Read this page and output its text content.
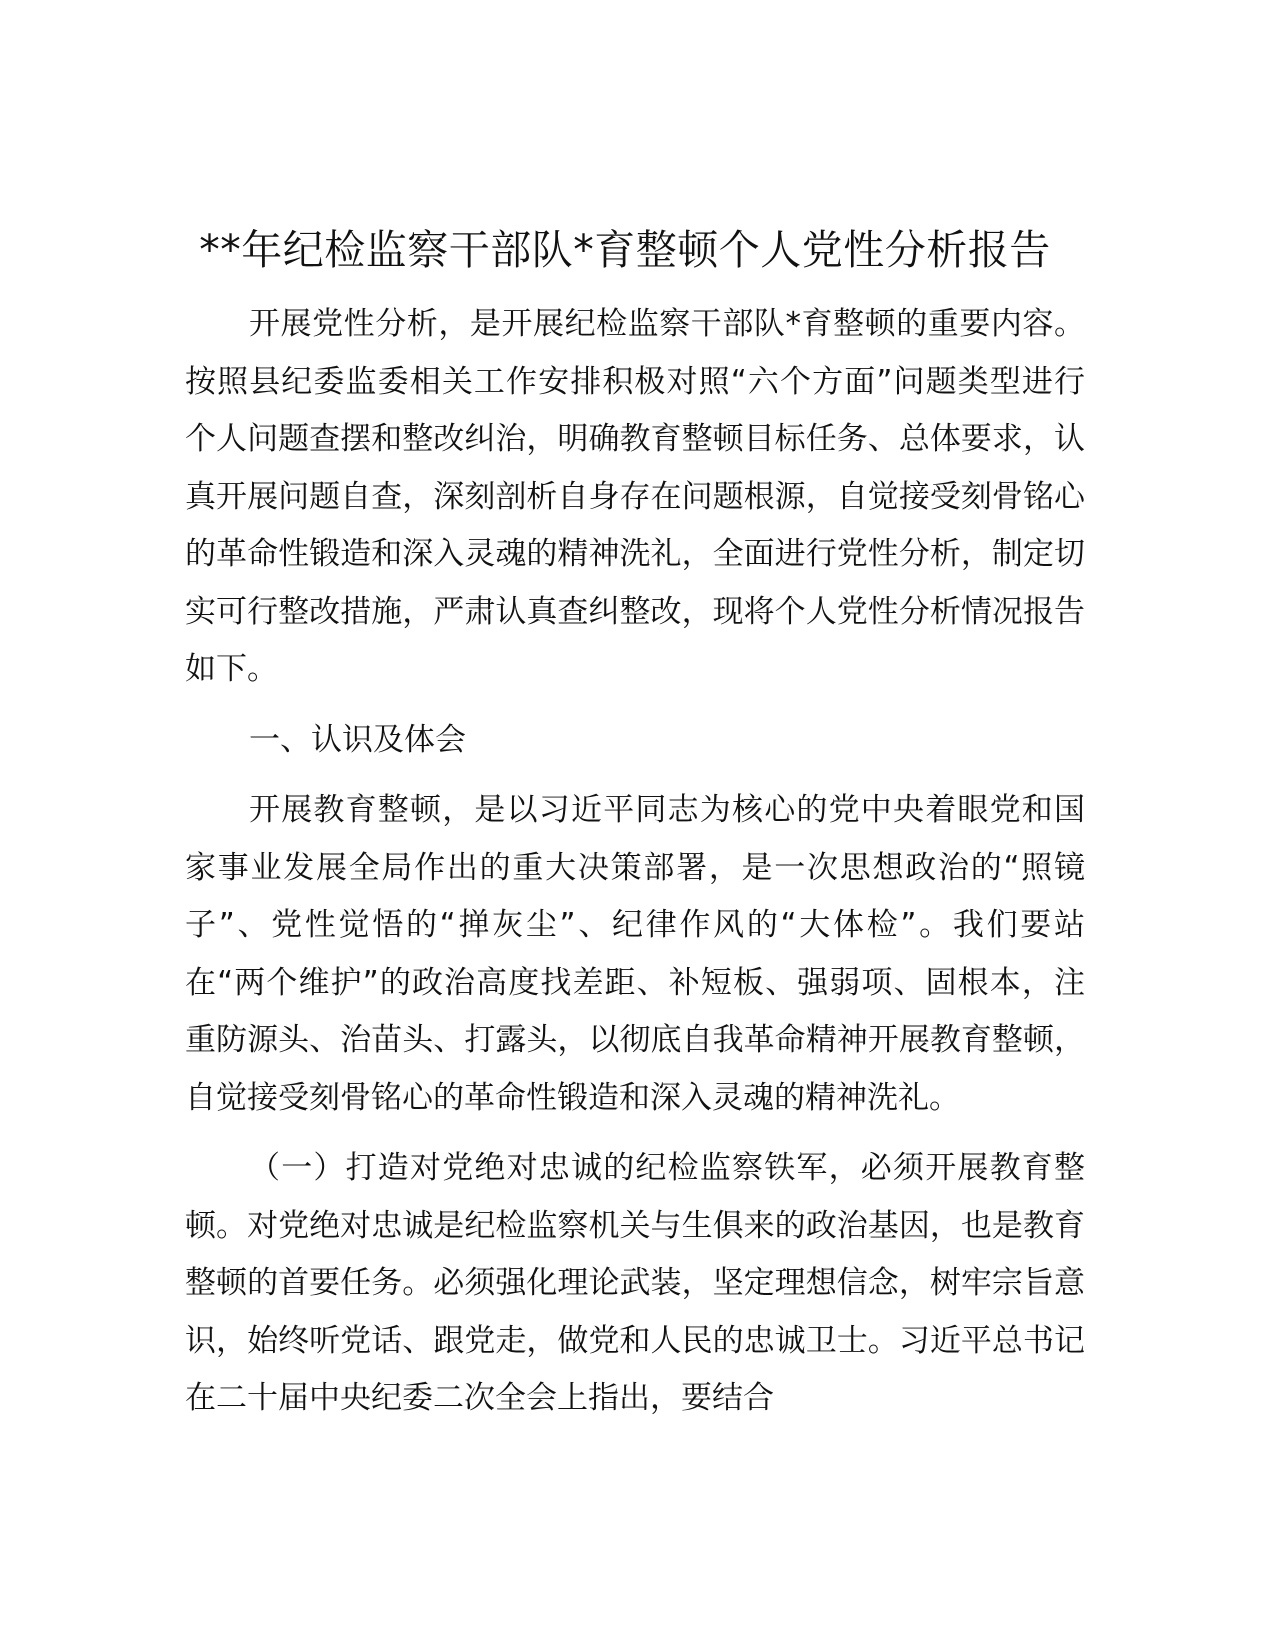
**年纪检监察干部队*育整顿个人党性分析报告

开展党性分析，是开展纪检监察干部队*育整顿的重要内容。按照县纪委监委相关工作安排积极对照“六个方面”问题类型进行个人问题查摆和整改纠治，明确教育整顿目标任务、总体要求，认真开展问题自查，深刻剖析自身存在问题根源，自觉接受刻骨铭心的革命性锻造和深入灵魂的精神洗礼，全面进行党性分析，制定切实可行整改措施，严肃认真查纠整改，现将个人党性分析情况报告如下。

一、认识及体会

开展教育整顿，是以习近平同志为核心的党中央着眼党和国家事业发展全局作出的重大决策部署，是一次思想政治的“照镜子”、党性觉悟的“掸灰尘”、纪律作风的“大体检”。我们要站在“两个维护”的政治高度找差距、补短板、强弱项、固根本，注重防源头、治苗头、打露头，以彻底自我革命精神开展教育整顿，自觉接受刻骨铭心的革命性锻造和深入灵魂的精神洗礼。

（一）打造对党绝对忠诚的纪检监察铁军，必须开展教育整顿。对党绝对忠诚是纪检监察机关与生俱来的政治基因，也是教育整顿的首要任务。必须强化理论武装，坚定理想信念，树牢宗旨意识，始终听党话、跟党走，做党和人民的忠诚卫士。习近平总书记在二十届中央纪委二次全会上指出，要结合
